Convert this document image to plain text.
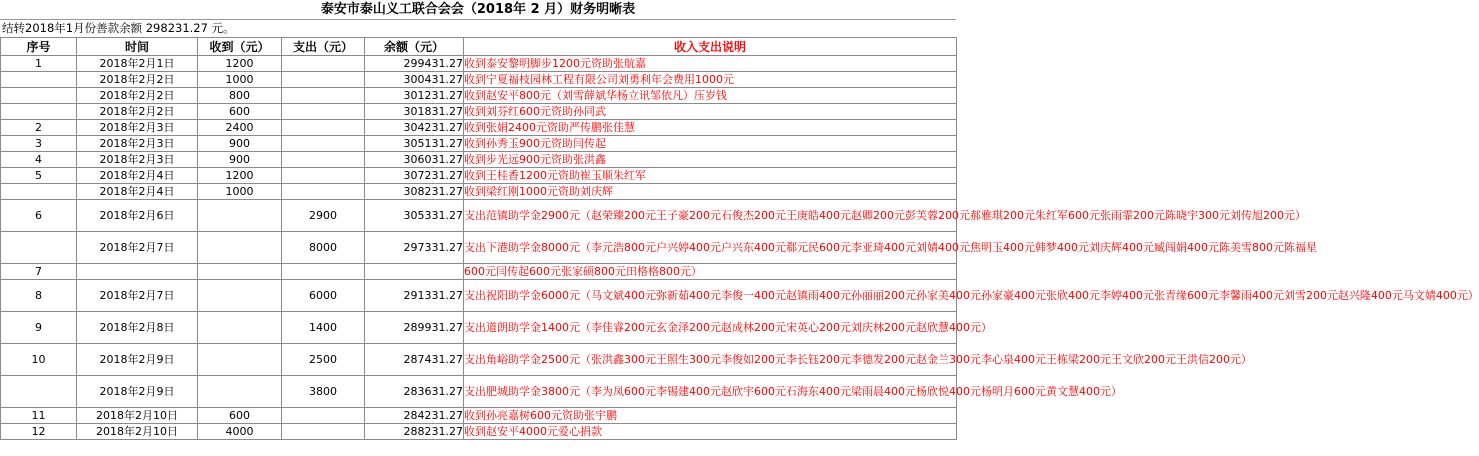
泰安市泰山义工联合会会（2018年 2 月）财务明晰表
结转2018年1月份善款余额 298231.27 元。
序号	时间	收到（元）	支出（元）	余额（元）	收入支出说明
1	2018年2月1日	1200		299431.27	收到泰安黎明脚步1200元资助张航嘉
	2018年2月2日	1000		300431.27	收到宁夏福枝园林工程有限公司刘勇利年会费用1000元
	2018年2月2日	800		301231.27	收到赵安平800元（刘雪薛斌华杨立讯邹依凡）压岁钱
	2018年2月2日	600		301831.27	收到刘芬红600元资助孙同武
2	2018年2月3日	2400		304231.27	收到张娟2400元资助严传鹏张佳慧
3	2018年2月3日	900		305131.27	收到孙秀玉900元资助闫传起
4	2018年2月3日	900		306031.27	收到步光远900元资助张洪鑫
5	2018年2月4日	1200		307231.27	收到王桂香1200元资助崔玉顺朱红军
	2018年2月4日	1000		308231.27	收到梁红刚1000元资助刘庆辉
6	2018年2月6日		2900	305331.27	支出范镇助学金2900元（赵荣臻200元王子豪200元石俊杰200元王庚皓400元赵卿200元彭芙蓉200元郝雅琪200元朱红军600元张雨霏200元陈晓宇300元刘传旭200元）
	2018年2月7日		8000	297331.27	支出下港助学金8000元（李元浩800元户兴婷400元户兴东400元郗元民600元李亚琦400元刘婧400元焦明玉400元韩梦400元刘庆辉400元臧闯娟400元陈美雪800元陈福星
7					600元闫传起600元张家硕800元田格格800元）
8	2018年2月7日		6000	291331.27	支出祝阳助学金6000元（马文斌400元弥新茹400元李俊一400元赵镇雨400元孙丽丽200元孙家美400元孙家豪400元张欣400元李婷400元张青缘600元李馨雨400元刘雪200元赵兴隆400元马文婧400元）
9	2018年2月8日		1400	289931.27	支出道朗助学金1400元（李佳睿200元玄金泽200元赵成林200元宋英心200元刘庆林200元赵欣慧400元）
10	2018年2月9日		2500	287431.27	支出角峪助学金2500元（张洪鑫300元王照生300元李俊如200元李长钰200元李德发200元赵金兰300元李心泉400元王栋梁200元王文欣200元王洪信200元）
	2018年2月9日		3800	283631.27	支出肥城助学金3800元（李为凤600元李锡建400元赵欣宇600元石海东400元梁雨晨400元杨欣悦400元杨明月600元黄文慧400元）
11	2018年2月10日	600		284231.27	收到孙亮嘉树600元资助张宇鹏
12	2018年2月10日	4000		288231.27	收到赵安平4000元爱心捐款
